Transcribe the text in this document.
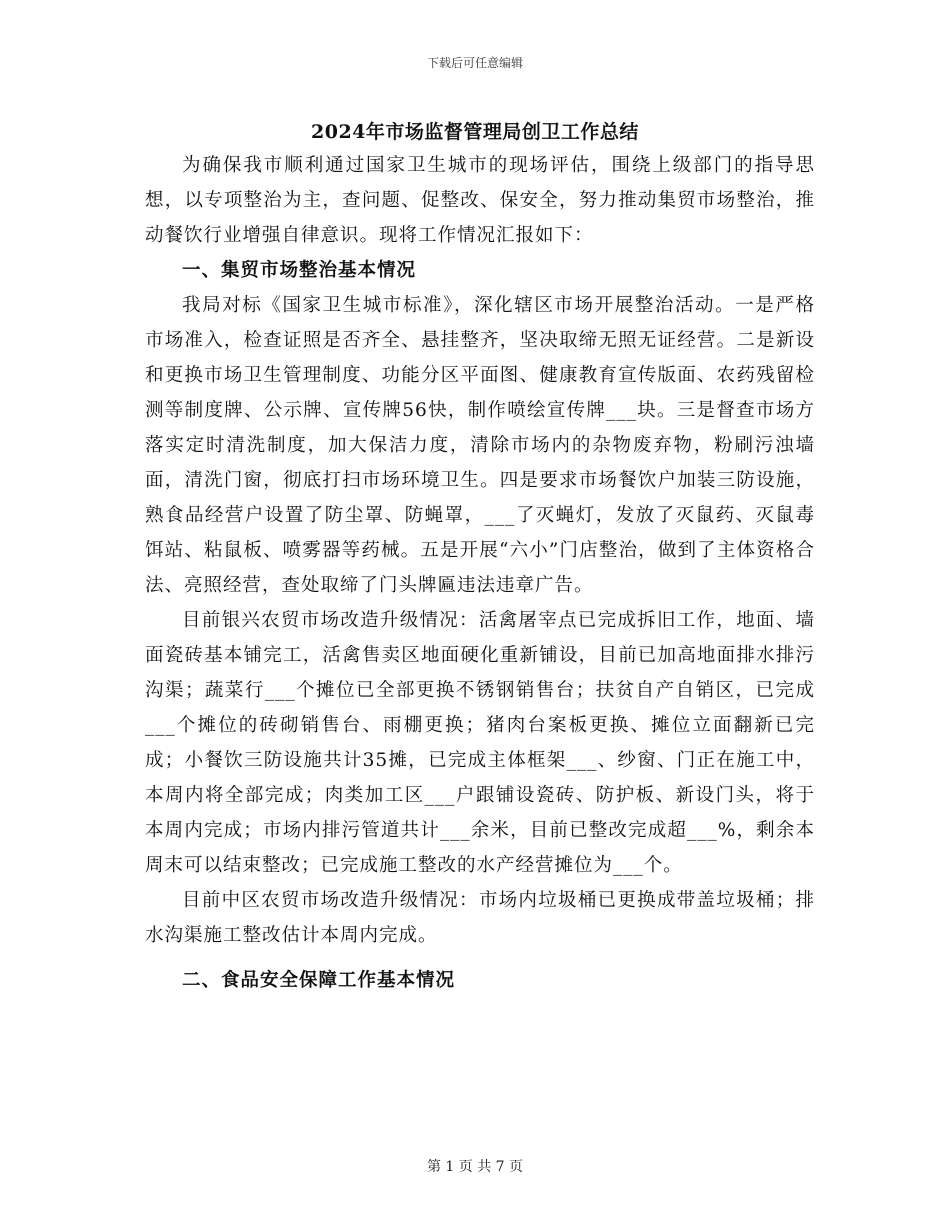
下载后可任意编辑
2024年市场监督管理局创卫工作总结

为确保我市顺利通过国家卫生城市的现场评估，围绕上级部门的指导思想，以专项整治为主，查问题、促整改、保安全，努力推动集贸市场整治，推动餐饮行业增强自律意识。现将工作情况汇报如下：

一、集贸市场整治基本情况

我局对标《国家卫生城市标准》，深化辖区市场开展整治活动。一是严格市场准入，检查证照是否齐全、悬挂整齐，坚决取缔无照无证经营。二是新设和更换市场卫生管理制度、功能分区平面图、健康教育宣传版面、农药残留检测等制度牌、公示牌、宣传牌56快，制作喷绘宣传牌___块。三是督查市场方落实定时清洗制度，加大保洁力度，清除市场内的杂物废弃物，粉刷污浊墙面，清洗门窗，彻底打扫市场环境卫生。四是要求市场餐饮户加装三防设施，熟食品经营户设置了防尘罩、防蝇罩，___了灭蝇灯，发放了灭鼠药、灭鼠毒饵站、粘鼠板、喷雾器等药械。五是开展“六小”门店整治，做到了主体资格合法、亮照经营，查处取缔了门头牌匾违法违章广告。

目前银兴农贸市场改造升级情况：活禽屠宰点已完成拆旧工作，地面、墙面瓷砖基本铺完工，活禽售卖区地面硬化重新铺设，目前已加高地面排水排污沟渠；蔬菜行___个摊位已全部更换不锈钢销售台；扶贫自产自销区，已完成___个摊位的砖砌销售台、雨棚更换；猪肉台案板更换、摊位立面翻新已完成；小餐饮三防设施共计35摊，已完成主体框架___、纱窗、门正在施工中，本周内将全部完成；肉类加工区___户跟铺设瓷砖、防护板、新设门头，将于本周内完成；市场内排污管道共计___余米，目前已整改完成超___%，剩余本周末可以结束整改；已完成施工整改的水产经营摊位为___个。

目前中区农贸市场改造升级情况：市场内垃圾桶已更换成带盖垃圾桶；排水沟渠施工整改估计本周内完成。

二、食品安全保障工作基本情况

第 1 页 共 7 页
